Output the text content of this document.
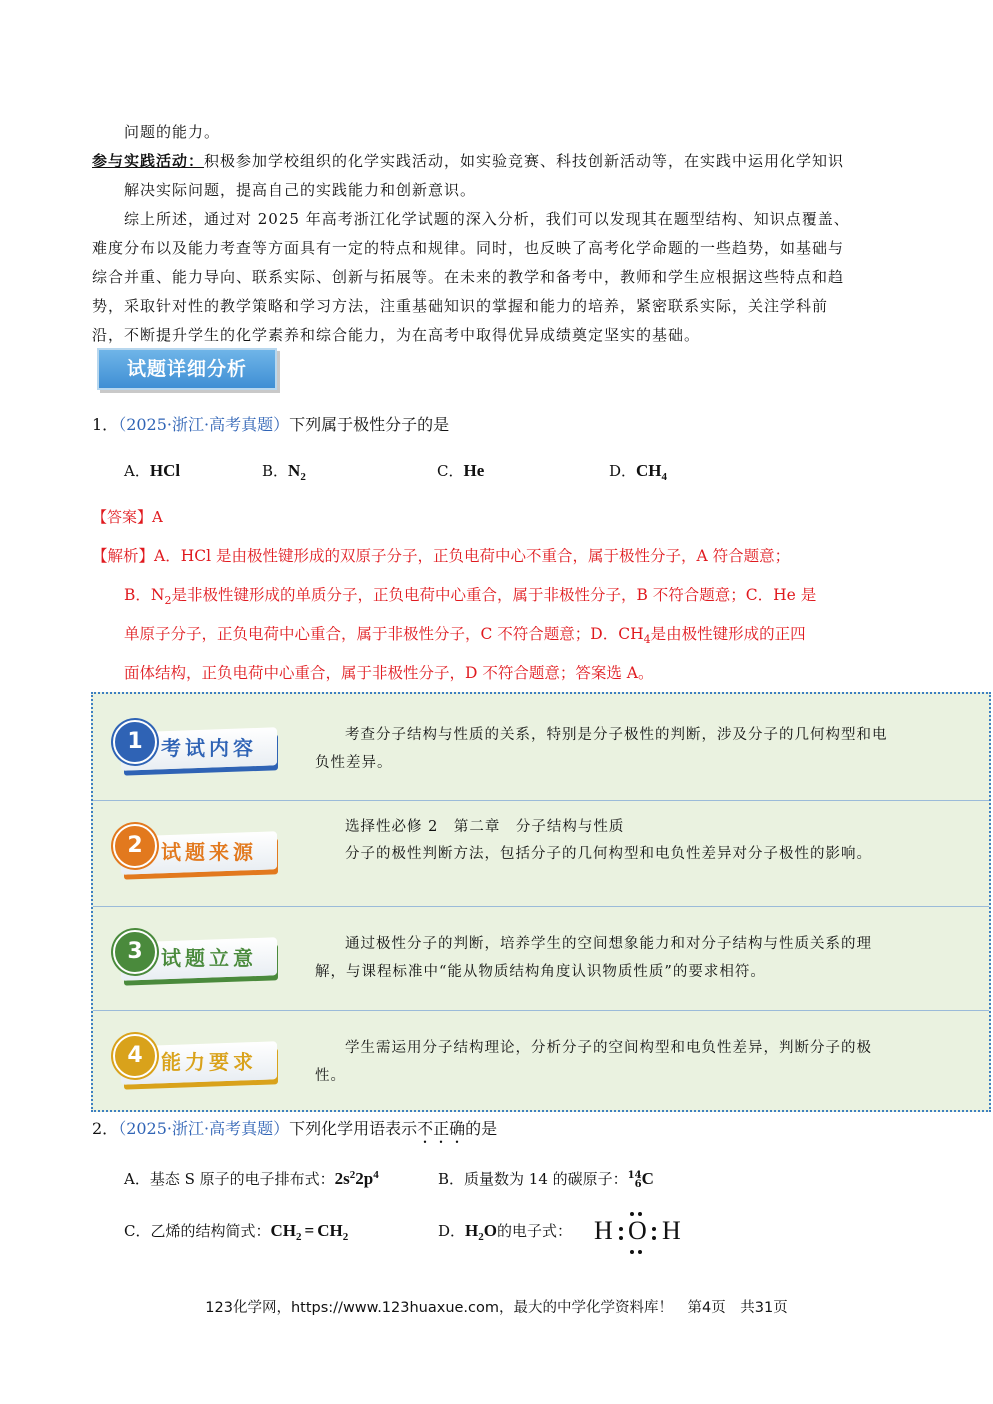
问题的能力。
参与实践活动：积极参加学校组织的化学实践活动，如实验竞赛、科技创新活动等，在实践中运用化学知识
解决实际问题，提高自己的实践能力和创新意识。
综上所述，通过对 2025 年高考浙江化学试题的深入分析，我们可以发现其在题型结构、知识点覆盖、
难度分布以及能力考查等方面具有一定的特点和规律。同时，也反映了高考化学命题的一些趋势，如基础与
综合并重、能力导向、联系实际、创新与拓展等。在未来的教学和备考中，教师和学生应根据这些特点和趋
势，采取针对性的教学策略和学习方法，注重基础知识的掌握和能力的培养，紧密联系实际，关注学科前
沿，不断提升学生的化学素养和综合能力，为在高考中取得优异成绩奠定坚实的基础。
试题详细分析
1．（2025·浙江·高考真题）下列属于极性分子的是
A．HCl	B．$N_2$	C．He	D．$CH_4$
【答案】A
【解析】A．HCl 是由极性键形成的双原子分子，正负电荷中心不重合，属于极性分子，A 符合题意；
B．$N_2$是非极性键形成的单质分子，正负电荷中心重合，属于非极性分子，B 不符合题意；C．He 是
单原子分子，正负电荷中心重合，属于非极性分子，C 不符合题意；D．$CH_4$是由极性键形成的正四
面体结构，正负电荷中心重合，属于非极性分子，D 不符合题意；答案选 A。
1 考试内容
考查分子结构与性质的关系，特别是分子极性的判断，涉及分子的几何构型和电负性差异。
2 试题来源
选择性必修 2　第二章　分子结构与性质
分子的极性判断方法，包括分子的几何构型和电负性差异对分子极性的影响。
3 试题立意
通过极性分子的判断，培养学生的空间想象能力和对分子结构与性质关系的理解，与课程标准中“能从物质结构角度认识物质性质”的要求相符。
4 能力要求
学生需运用分子结构理论，分析分子的空间构型和电负性差异，判断分子的极性。
2．（2025·浙江·高考真题）下列化学用语表示不正确的是
A．基态 S 原子的电子排布式：$2s^22p^4$	B．质量数为 14 的碳原子：14
6C
C．乙烯的结构简式：$CH_2 = CH_2$	D．$H_2O$的电子式： H O H
123化学网，https://www.123huaxue.com，最大的中学化学资料库！　第4页　共31页
